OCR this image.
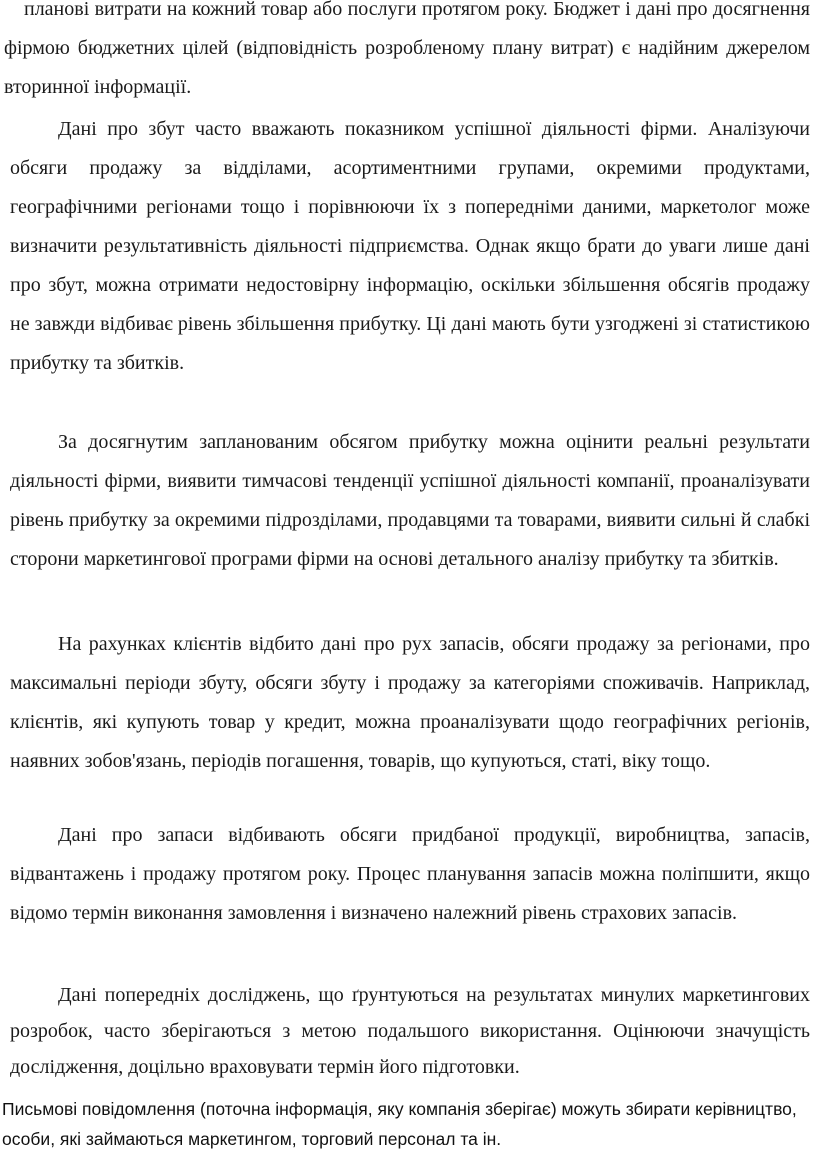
планові витрати на кожний товар або послуги протягом року. Бюджет і дані про досягнення фірмою бюджетних цілей (відповідність розробленому плану витрат) є надійним джерелом вторинної інформації.

Дані про збут часто вважають показником успішної діяльності фірми. Аналізуючи обсяги продажу за відділами, асортиментними групами, окремими продуктами, географічними регіонами тощо і порівнюючи їх з попередніми даними, маркетолог може визначити результативність діяльності підприємства. Однак якщо брати до уваги лише дані про збут, можна отримати недостовірну інформацію, оскільки збільшення обсягів продажу не завжди відбиває рівень збільшення прибутку. Ці дані мають бути узгоджені зі статистикою прибутку та збитків.

За досягнутим запланованим обсягом прибутку можна оцінити реальні результати діяльності фірми, виявити тимчасові тенденції успішної діяльності компанії, проаналізувати рівень прибутку за окремими підрозділами, продавцями та товарами, виявити сильні й слабкі сторони маркетингової програми фірми на основі детального аналізу прибутку та збитків.

На рахунках клієнтів відбито дані про рух запасів, обсяги продажу за регіонами, про максимальні періоди збуту, обсяги збуту і продажу за категоріями споживачів. Наприклад, клієнтів, які купують товар у кредит, можна проаналізувати щодо географічних регіонів, наявних зобов'язань, періодів погашення, товарів, що купуються, статі, віку тощо.

Дані про запаси відбивають обсяги придбаної продукції, виробництва, запасів, відвантажень і продажу протягом року. Процес планування запасів можна поліпшити, якщо відомо термін виконання замовлення і визначено належний рівень страхових запасів.

Дані попередніх досліджень, що ґрунтуються на результатах минулих маркетингових розробок, часто зберігаються з метою подальшого використання. Оцінюючи значущість дослідження, доцільно враховувати термін його підготовки.

Письмові повідомлення (поточна інформація, яку компанія зберігає) можуть збирати керівництво, особи, які займаються маркетингом, торговий персонал та ін.
